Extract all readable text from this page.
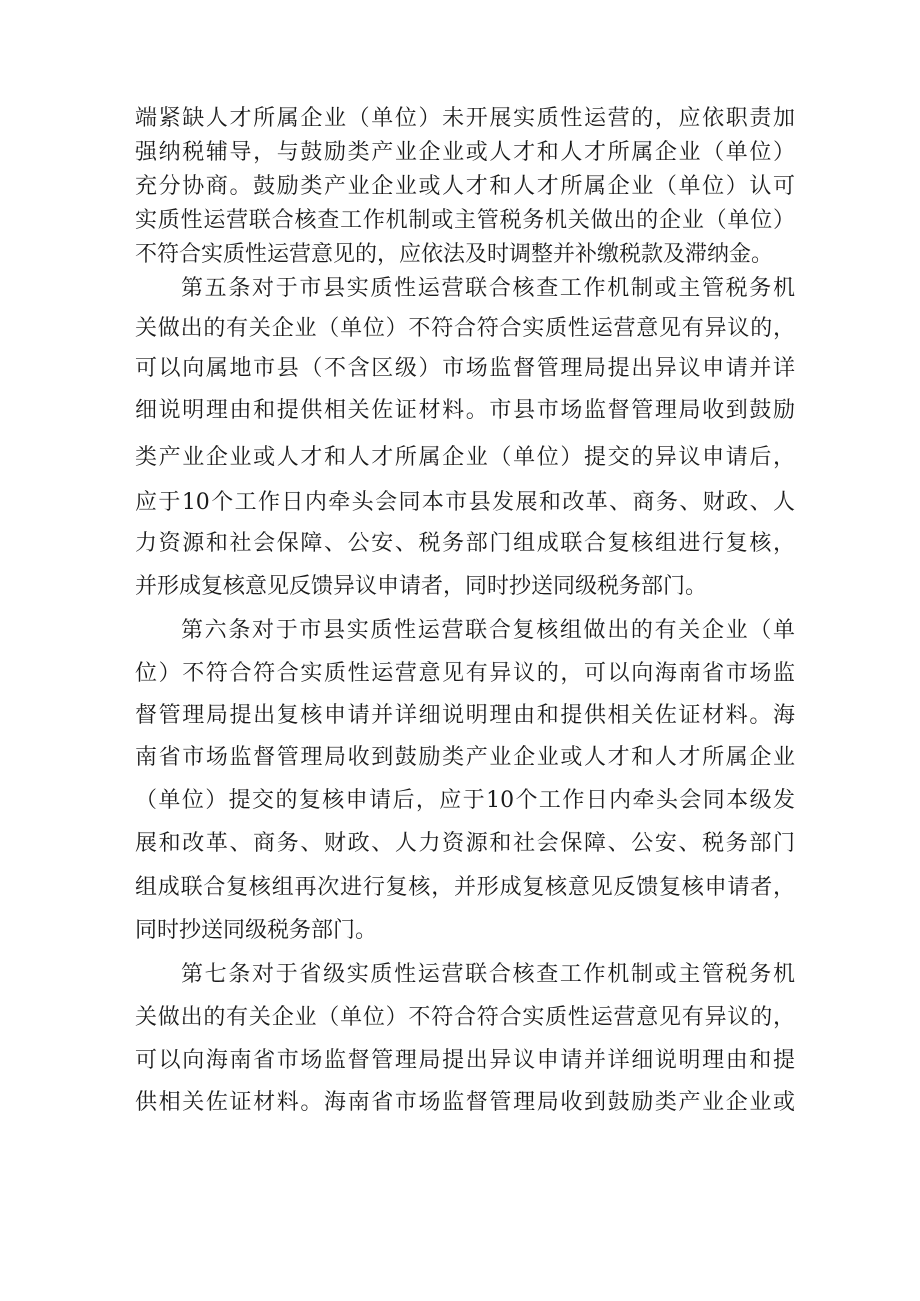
端紧缺人才所属企业（单位）未开展实质性运营的，应依职责加

强纳税辅导，与鼓励类产业企业或人才和人才所属企业（单位）

充分协商。鼓励类产业企业或人才和人才所属企业（单位）认可

实质性运营联合核查工作机制或主管税务机关做出的企业（单位）

不符合实质性运营意见的，应依法及时调整并补缴税款及滞纳金。

第五条对于市县实质性运营联合核查工作机制或主管税务机

关做出的有关企业（单位）不符合符合实质性运营意见有异议的，

可以向属地市县（不含区级）市场监督管理局提出异议申请并详

细说明理由和提供相关佐证材料。市县市场监督管理局收到鼓励

类产业企业或人才和人才所属企业（单位）提交的异议申请后，

应于10个工作日内牵头会同本市县发展和改革、商务、财政、人

力资源和社会保障、公安、税务部门组成联合复核组进行复核，

并形成复核意见反馈异议申请者，同时抄送同级税务部门。

第六条对于市县实质性运营联合复核组做出的有关企业（单

位）不符合符合实质性运营意见有异议的，可以向海南省市场监

督管理局提出复核申请并详细说明理由和提供相关佐证材料。海

南省市场监督管理局收到鼓励类产业企业或人才和人才所属企业

（单位）提交的复核申请后，应于10个工作日内牵头会同本级发

展和改革、商务、财政、人力资源和社会保障、公安、税务部门

组成联合复核组再次进行复核，并形成复核意见反馈复核申请者，

同时抄送同级税务部门。

第七条对于省级实质性运营联合核查工作机制或主管税务机

关做出的有关企业（单位）不符合符合实质性运营意见有异议的，

可以向海南省市场监督管理局提出异议申请并详细说明理由和提

供相关佐证材料。海南省市场监督管理局收到鼓励类产业企业或
